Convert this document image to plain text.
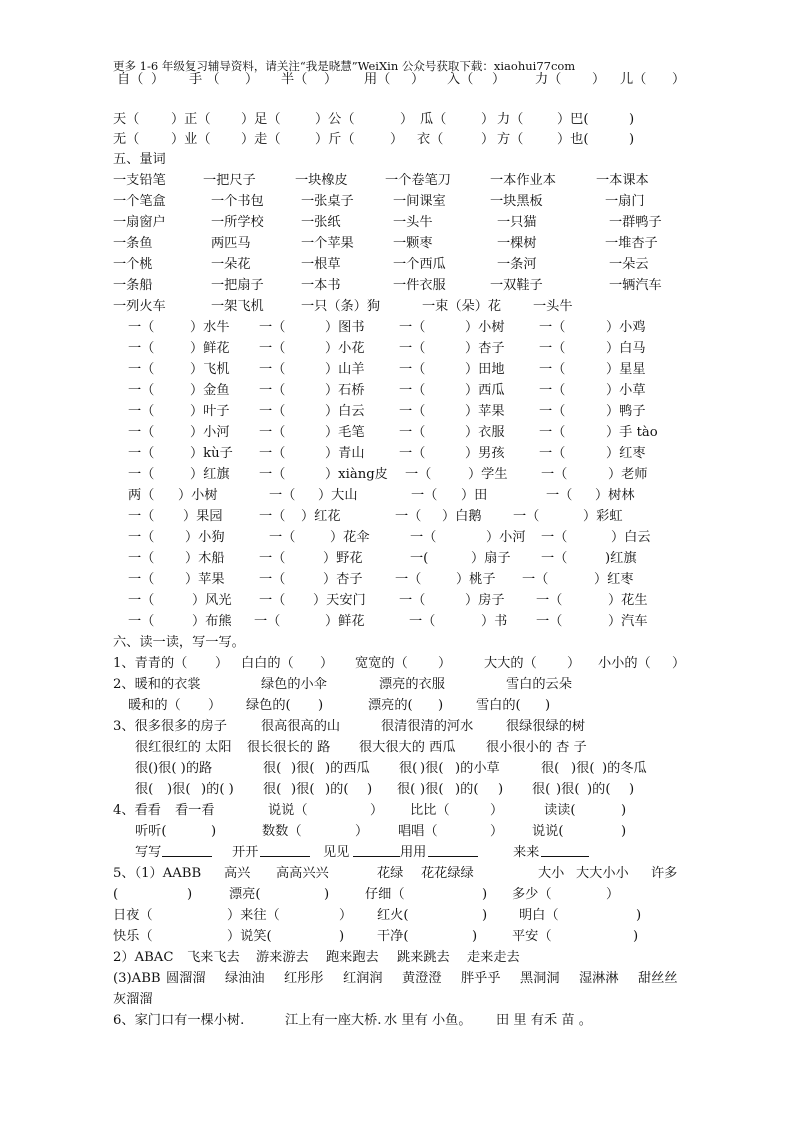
更多 1-6 年级复习辅导资料，请关注“我是晓慧”WeiXin 公众号获取下载：xiaohui77com
自（ ） 手 （ ） 半（ ） 用（ ） 入（ ） 力（ ） 儿（ ）
天（ ）正（ ）足（	）公（	） 瓜（	） 力（	）巴(	)
无（ ）业（ ）走（	）斤（	） 衣（	） 方（	）也(	)
五、量词
一支铅笔	一把尺子	一块橡皮	一个卷笔刀	一本作业本	一本课本
一个笔盒	一个书包	一张桌子	一间课室	一块黑板	一扇门
一扇窗户	一所学校	一张纸	一头牛	一只猫	一群鸭子
一条鱼	两匹马	一个苹果	一颗枣	一棵树	一堆杏子
一个桃	一朵花	一根草	一个西瓜	一条河	一朵云
一条船	一把扇子	一本书	一件衣服	一双鞋子	一辆汽车
一列火车	一架飞机	一只（条）狗	一束（朵）花 一头牛
一（	）水牛 一（	）图书	一（	）小树	一（	）小鸡
一（	）鲜花 一（	）小花	一（	）杏子	一（	）白马
一（	）飞机 一（	）山羊	一（	）田地	一（	）星星
一（	）金鱼 一（	）石桥	一（	）西瓜	一（	）小草
一（	）叶子 一（	）白云	一（	）苹果	一（	）鸭子
一（	）小河 一（	）毛笔	一（	）衣服	一（	）手 tào
一（	）kù子 一（	）青山	一（	）男孩	一（	）红枣
一（	）红旗 一（	）xiàng皮 一（	）学生	一（	）老师
两（ ）小树	一（ ）大山	一（ ）田	一（ ）树林
一（ ）果园	一（ ）红花	一（ ）白鹅 一（	）彩虹
一（ ）小狗	一（	）花伞	一（	）小河 一（	）白云
一（ ）木船	一（	）野花	一(	）扇子 一（	)红旗
一（ ）苹果	一（	）杏子 一（	）桃子 一（	）红枣
一（	）风光 一（ ）天安门	一（	）房子 一（	）花生
一（	）布熊 一（	）鲜花	一（	）书 一（	）汽车
六、读一读，写一写。
1、青青的（ ） 白白的（ ） 宽宽的（ ） 大大的（ ） 小小的（ ）
2、暖和的衣裳	绿色的小伞	漂亮的衣服	雪白的云朵
暖和的（ ） 绿色的( )	漂亮的( ) 雪白的( )
3、很多很多的房子	很高很高的山	很清很清的河水 很绿很绿的树
很红很红的 太阳 很长很长的 路 很大很大的 西瓜 很小很小的 杏 子
很( )很( )的路	很( )很( )的西瓜 很( )很( )的小草	很( )很( )的冬瓜
很( )很( )的( ) 很( )很( )的( ) 很( )很( )的( ) 很( )很( )的( )
4、看看 看一看	说说（	） 比比（	）	读读(	)
听听(	)	数数（	） 唱唱（	） 说说(	)
写写	开开	见见	用用	来来
5、（1）AABB 高兴 高高兴兴	花绿 花花绿绿	大小 大大小小 许多
(	)	漂亮(	)	仔细（	) 多少（	）
日夜（	）来往（	） 红火(	) 明白（	)
快乐（	）说笑(	) 干净(	)	平安（	)
2）ABAC 飞来飞去 游来游去 跑来跑去 跳来跳去 走来走去
(3)ABB 圆溜溜 绿油油 红彤彤 红润润 黄澄澄 胖乎乎 黑洞洞 湿淋淋 甜丝丝
灰溜溜
6、家门口有一棵小树.	江上有一座大桥. 水 里有 小鱼。 田 里 有禾 苗 。
